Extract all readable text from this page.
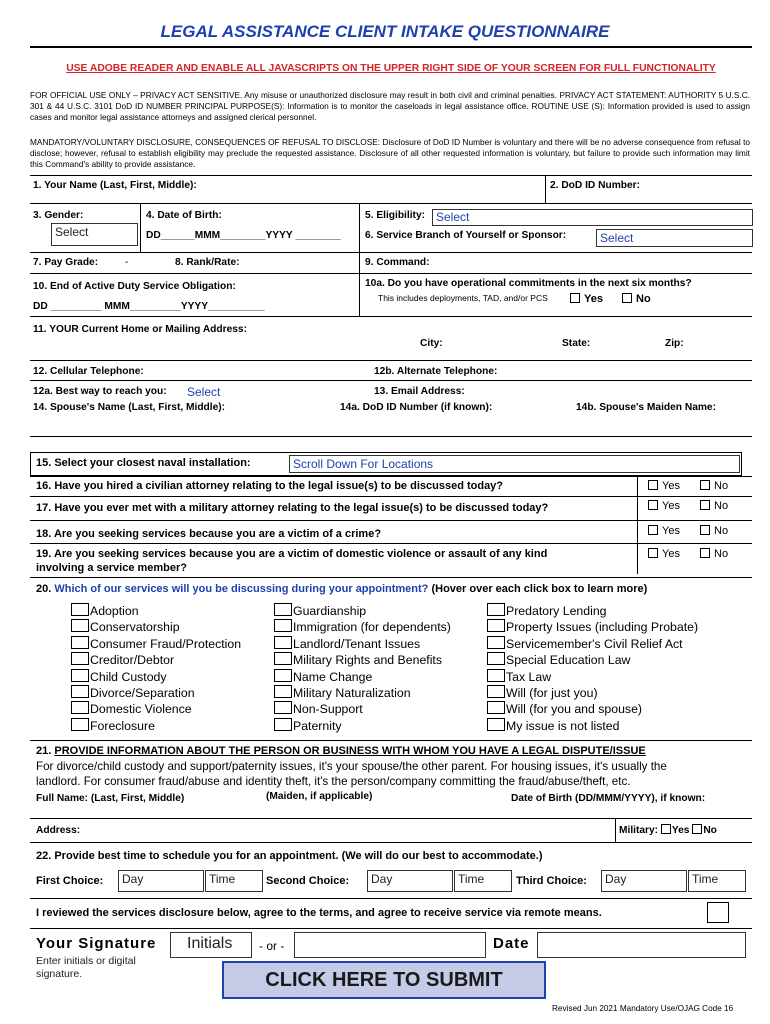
LEGAL ASSISTANCE CLIENT INTAKE QUESTIONNAIRE
USE ADOBE READER AND ENABLE ALL JAVASCRIPTS ON THE UPPER RIGHT SIDE OF YOUR SCREEN FOR FULL FUNCTIONALITY
FOR OFFICIAL USE ONLY – PRIVACY ACT SENSITIVE. Any misuse or unauthorized disclosure may result in both civil and criminal penalties. PRIVACY ACT STATEMENT: AUTHORITY 5 U.S.C. 301 & 44 U.S.C. 3101 DoD ID NUMBER PRINCIPAL PURPOSE(S): Information is to monitor the caseloads in legal assistance office. ROUTINE USE (S): Information provided is used to assign cases and monitor legal assistance attorneys and assigned clerical personnel.
MANDATORY/VOLUNTARY DISCLOSURE, CONSEQUENCES OF REFUSAL TO DISCLOSE: Disclosure of DoD ID Number is voluntary and there will be no adverse consequence from refusal to disclose; however, refusal to establish eligibility may preclude the requested assistance. Disclosure of all other requested information is voluntary, but failure to provide such information may limit this Command's ability to provide assistance.
1. Your Name (Last, First, Middle):	2. DoD ID Number:
3. Gender:
Select
4. Date of Birth:
DD______MMM________YYYY ________
5. Eligibility: Select
6. Service Branch of Yourself or Sponsor:	Select
7. Pay Grade:	-	8. Rank/Rate:	9. Command:
10. End of Active Duty Service Obligation:
DD _________ MMM_________YYYY__________
10a. Do you have operational commitments in the next six months?
This includes deployments, TAD, and/or PCS	Yes	No
11. YOUR Current Home or Mailing Address:
City:	State:	Zip:
12. Cellular Telephone:	12b. Alternate Telephone:
12a. Best way to reach you: Select	13. Email Address:
14. Spouse's Name (Last, First, Middle):	14a. DoD ID Number (if known):	14b. Spouse's Maiden Name:
15. Select your closest naval installation:	Scroll Down For Locations
16. Have you hired a civilian attorney relating to the legal issue(s) to be discussed today?	Yes	No
17. Have you ever met with a military attorney relating to the legal issue(s) to be discussed today?	Yes	No
18. Are you seeking services because you are a victim of a crime?	Yes	No
19. Are you seeking services because you are a victim of domestic violence or assault of any kind
involving a service member?
Yes	No
20. Which of our services will you be discussing during your appointment? (Hover over each click box to learn more)
Adoption
Conservatorship
Consumer Fraud/Protection
Creditor/Debtor
Child Custody
Divorce/Separation
Domestic Violence
Foreclosure
Guardianship
Immigration (for dependents)
Landlord/Tenant Issues
Military Rights and Benefits
Name Change
Military Naturalization
Non-Support
Paternity
Predatory Lending
Property Issues (including Probate)
Servicemember's Civil Relief Act
Special Education Law
Tax Law
Will (for just you)
Will (for you and spouse)
My issue is not listed
21. PROVIDE INFORMATION ABOUT THE PERSON OR BUSINESS WITH WHOM YOU HAVE A LEGAL DISPUTE/ISSUE
For divorce/child custody and support/paternity issues, it's your spouse/the other parent. For housing issues, it's usually the
landlord. For consumer fraud/abuse and identity theft, it's the person/company committing the fraud/abuse/theft, etc.
Full Name: (Last, First, Middle)	(Maiden, if applicable)	Date of Birth (DD/MMM/YYYY), if known:
Address:	Military: Yes No
22. Provide best time to schedule you for an appointment. (We will do our best to accommodate.)
First Choice:	Day	Time	Second Choice:	Day	Time	Third Choice:	Day	Time
I reviewed the services disclosure below, agree to the terms, and agree to receive service via remote means.
Your Signature	Initials	- or -	Date
Enter initials or digital signature.	CLICK HERE TO SUBMIT
Revised Jun 2021 Mandatory Use/OJAG Code 16
